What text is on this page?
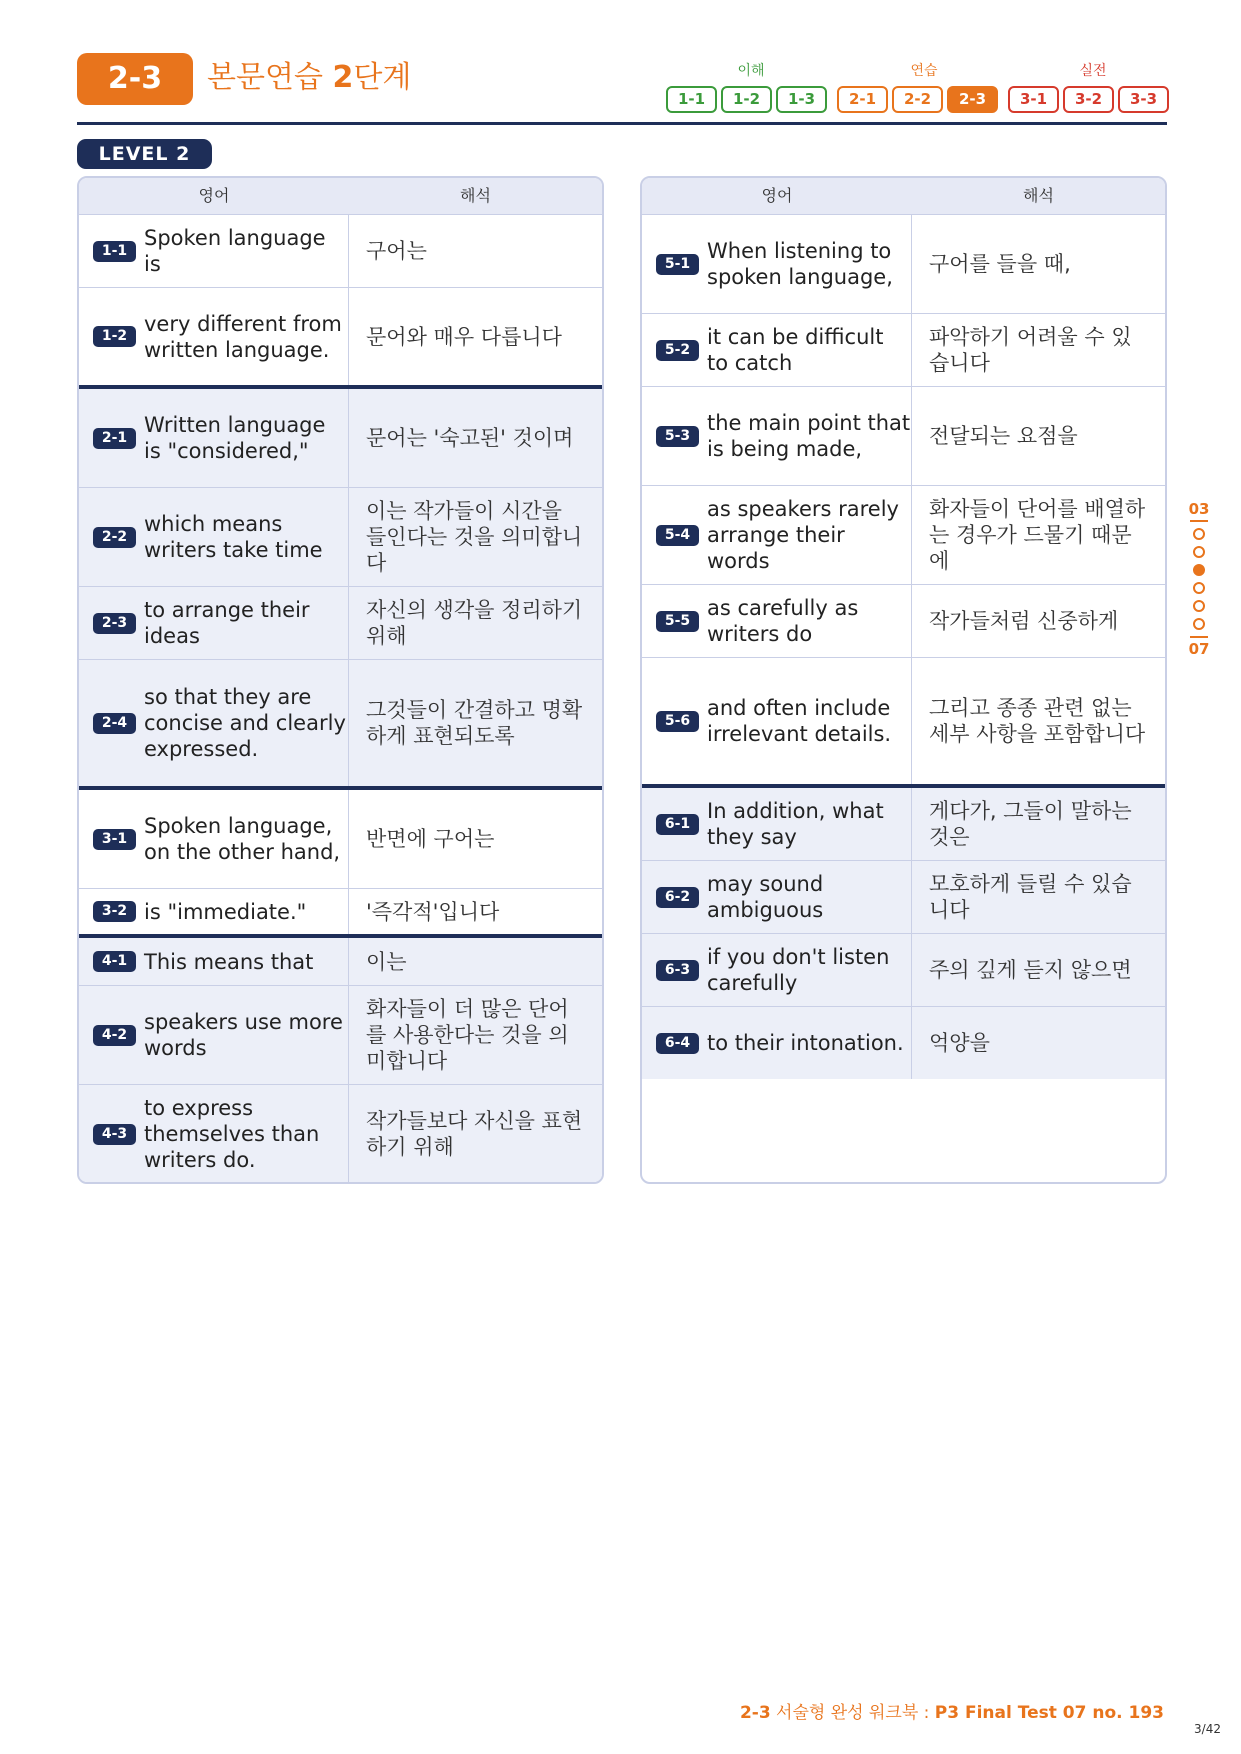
2-3	본문연습 2단계	이해	연습	실전
1-1	1-2	1-3	2-1	2-2	2-3	3-1	3-2	3-3
LEVEL 2
영어	해석
1-1
Spoken language is
구어는
1-2
very different from written language.
문어와 매우 다릅니다
2-1
Written language is "considered,"
문어는 '숙고된' 것이며
2-2
which means writers take time
이는 작가들이 시간을 들인다는 것을 의미합니다
2-3
to arrange their ideas
자신의 생각을 정리하기 위해
2-4
so that they are concise and clearly expressed.
그것들이 간결하고 명확하게 표현되도록
3-1
Spoken language, on the other hand,
반면에 구어는
3-2 is "immediate."	'즉각적'입니다
4-1 This means that	이는
4-2
speakers use more words
화자들이 더 많은 단어를 사용한다는 것을 의미합니다
4-3
to express themselves than writers do.
작가들보다 자신을 표현하기 위해
영어	해석
5-1
When listening to spoken language,
구어를 들을 때,
5-2
it can be difficult to catch
파악하기 어려울 수 있습니다
5-3
the main point that is being made,
전달되는 요점을
5-4
as speakers rarely arrange their words
화자들이 단어를 배열하는 경우가 드물기 때문에
5-5
as carefully as writers do
작가들처럼 신중하게
5-6
and often include irrelevant details.
그리고 종종 관련 없는 세부 사항을 포함합니다
6-1
In addition, what they say
게다가, 그들이 말하는 것은
6-2
may sound ambiguous
모호하게 들릴 수 있습니다
6-3
if you don't listen carefully
주의 깊게 듣지 않으면
6-4 to their intonation. 억양을
03
07
2-3 서술형 완성 워크북 : P3 Final Test 07 no. 193
3/42
